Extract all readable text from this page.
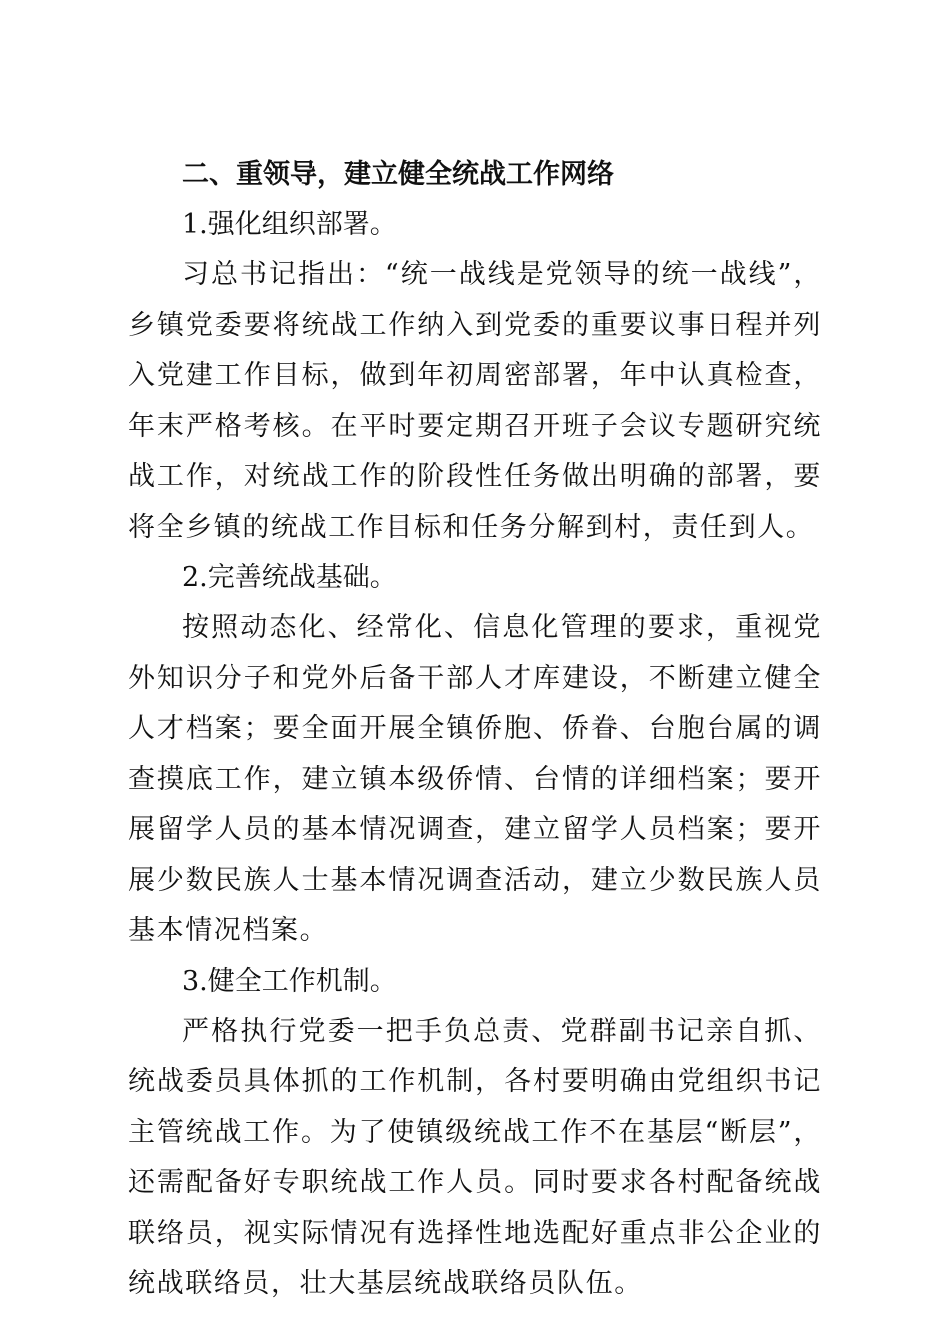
二、重领导，建立健全统战工作网络

1.强化组织部署。

习总书记指出：“统一战线是党领导的统一战线”，乡镇党委要将统战工作纳入到党委的重要议事日程并列入党建工作目标，做到年初周密部署，年中认真检查，年末严格考核。在平时要定期召开班子会议专题研究统战工作，对统战工作的阶段性任务做出明确的部署，要将全乡镇的统战工作目标和任务分解到村，责任到人。

2.完善统战基础。

按照动态化、经常化、信息化管理的要求，重视党外知识分子和党外后备干部人才库建设，不断建立健全人才档案；要全面开展全镇侨胞、侨眷、台胞台属的调查摸底工作，建立镇本级侨情、台情的详细档案；要开展留学人员的基本情况调查，建立留学人员档案；要开展少数民族人士基本情况调查活动，建立少数民族人员基本情况档案。

3.健全工作机制。

严格执行党委一把手负总责、党群副书记亲自抓、统战委员具体抓的工作机制，各村要明确由党组织书记主管统战工作。为了使镇级统战工作不在基层“断层”，还需配备好专职统战工作人员。同时要求各村配备统战联络员，视实际情况有选择性地选配好重点非公企业的统战联络员，壮大基层统战联络员队伍。
